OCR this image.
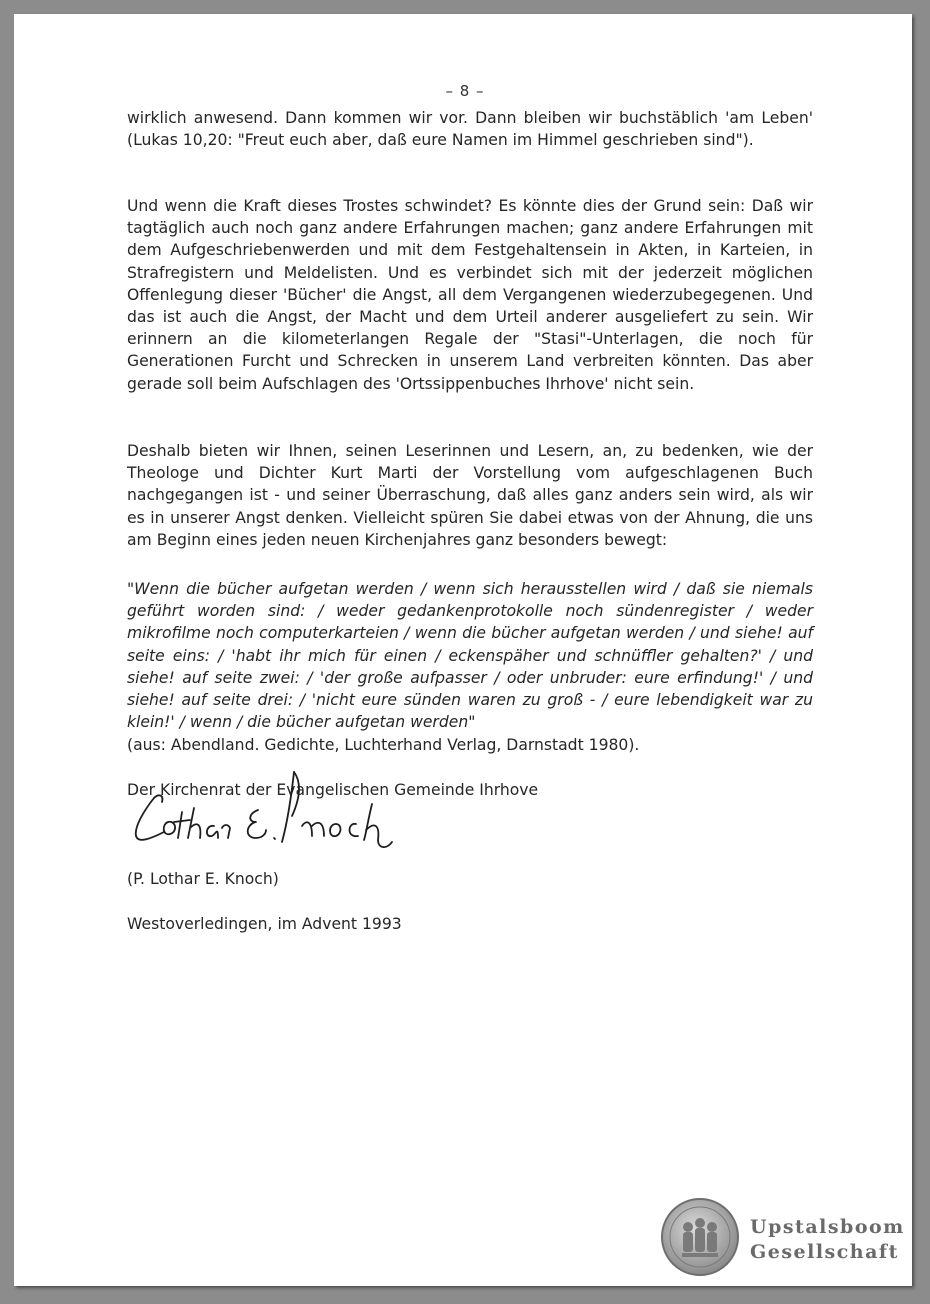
– 8 –

wirklich anwesend. Dann kommen wir vor. Dann bleiben wir buchstäblich 'am Leben' (Lukas 10,20: "Freut euch aber, daß eure Namen im Himmel geschrieben sind").

Und wenn die Kraft dieses Trostes schwindet? Es könnte dies der Grund sein: Daß wir tagtäglich auch noch ganz andere Erfahrungen machen; ganz andere Erfahrungen mit dem Aufgeschriebenwerden und mit dem Festgehaltensein in Akten, in Karteien, in Strafregistern und Meldelisten. Und es verbindet sich mit der jederzeit möglichen Offenlegung dieser 'Bücher' die Angst, all dem Vergangenen wiederzubegegenen. Und das ist auch die Angst, der Macht und dem Urteil anderer ausgeliefert zu sein. Wir erinnern an die kilometerlangen Regale der "Stasi"-Unterlagen, die noch für Generationen Furcht und Schrecken in unserem Land verbreiten könnten. Das aber gerade soll beim Aufschlagen des 'Ortssippenbuches Ihrhove' nicht sein.

Deshalb bieten wir Ihnen, seinen Leserinnen und Lesern, an, zu bedenken, wie der Theologe und Dichter Kurt Marti der Vorstellung vom aufgeschlagenen Buch nachgegangen ist - und seiner Überraschung, daß alles ganz anders sein wird, als wir es in unserer Angst denken. Vielleicht spüren Sie dabei etwas von der Ahnung, die uns am Beginn eines jeden neuen Kirchenjahres ganz besonders bewegt:

"Wenn die bücher aufgetan werden / wenn sich herausstellen wird / daß sie niemals geführt worden sind: / weder gedankenprotokolle noch sündenregister / weder mikrofilme noch computerkarteien / wenn die bücher aufgetan werden / und siehe! auf seite eins: / 'habt ihr mich für einen / eckenspäher und schnüffler gehalten?' / und siehe! auf seite zwei: / 'der große aufpasser / oder unbruder: eure erfindung!' / und siehe! auf seite drei: / 'nicht eure sünden waren zu groß - / eure lebendigkeit war zu klein!' / wenn / die bücher aufgetan werden"

(aus: Abendland. Gedichte, Luchterhand Verlag, Darnstadt 1980).

Der Kirchenrat der Evangelischen Gemeinde Ihrhove

(P. Lothar E. Knoch)

Westoverledingen, im Advent 1993

Upstalsboom
Gesellschaft
